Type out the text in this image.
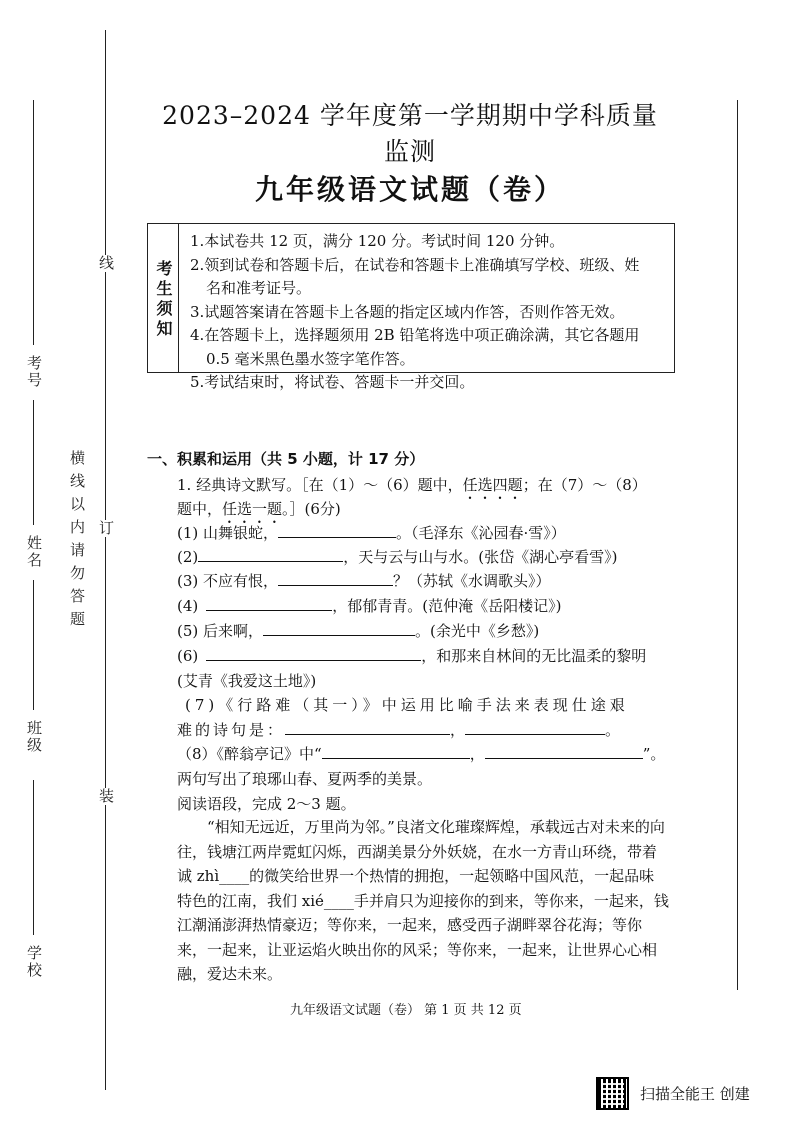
考号
姓名
班级
学校
横线以内请勿答题
线
订
装
2023–2024 学年度第一学期期中学科质量监测
九年级语文试题（卷）
考生须知
1.本试卷共 12 页，满分 120 分。考试时间 120 分钟。
2.领到试卷和答题卡后，在试卷和答题卡上准确填写学校、班级、姓
名和准考证号。
3.试题答案请在答题卡上各题的指定区域内作答，否则作答无效。
4.在答题卡上，选择题须用 2B 铅笔将选中项正确涂满，其它各题用
0.5 毫米黑色墨水签字笔作答。
5.考试结束时，将试卷、答题卡一并交回。
一、积累和运用（共 5 小题，计 17 分）
1. 经典诗文默写。［在（1）～（6）题中，任选四题；在（7）～（8）
题中，任选一题。］(6分)
(1) 山舞银蛇，	。（毛泽东《沁园春·雪》）
(2)	，天与云与山与水。(张岱《湖心亭看雪》)
(3) 不应有恨，	？（苏轼《水调歌头》）
(4)	，郁郁青青。(范仲淹《岳阳楼记》)
(5) 后来啊，	。(余光中《乡愁》)
(6)	，和那来自林间的无比温柔的黎明
(艾青《我爱这土地》)
(7)《行路难（其一）》中运用比喻手法来表现仕途艰
难的诗句是：	，	。
（8）《醉翁亭记》中“	，	”。
两句写出了琅琊山春、夏两季的美景。
阅读语段，完成 2～3 题。
“相知无远近，万里尚为邻。”良渚文化璀璨辉煌，承载远古对未来的向往，钱塘江两岸霓虹闪烁，西湖美景分外妖娆，在水一方青山环绕，带着诚 zhì____的微笑给世界一个热情的拥抱，一起领略中国风范，一起品味特色的江南，我们 xié____手并肩只为迎接你的到来，等你来，一起来，钱江潮涌澎湃热情豪迈；等你来，一起来，感受西子湖畔翠谷花海；等你来，一起来，让亚运焰火映出你的风采；等你来，一起来，让世界心心相融，爱达未来。
九年级语文试题（卷） 第 1 页 共 12 页
扫描全能王 创建
